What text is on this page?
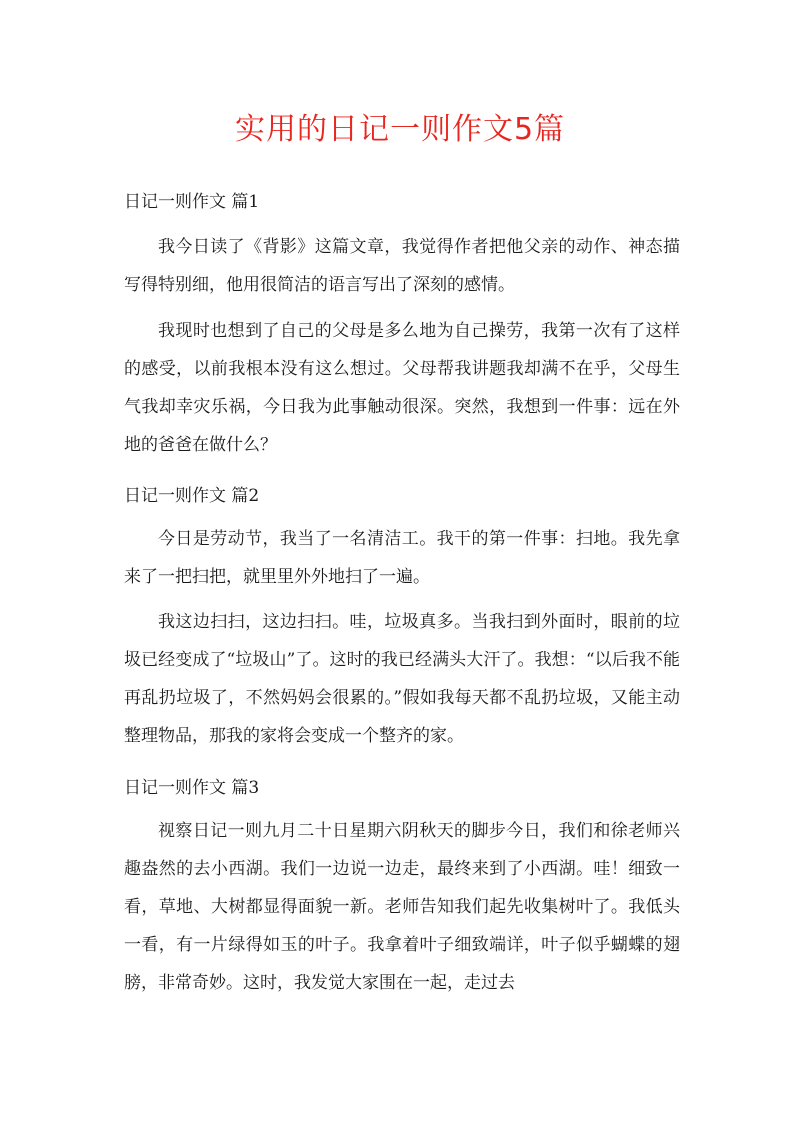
实用的日记一则作文5篇
日记一则作文 篇1

我今日读了《背影》这篇文章，我觉得作者把他父亲的动作、神态描写得特别细，他用很简洁的语言写出了深刻的感情。

我现时也想到了自己的父母是多么地为自己操劳，我第一次有了这样的感受，以前我根本没有这么想过。父母帮我讲题我却满不在乎，父母生气我却幸灾乐祸，今日我为此事触动很深。突然，我想到一件事：远在外地的爸爸在做什么？

日记一则作文 篇2

今日是劳动节，我当了一名清洁工。我干的第一件事：扫地。我先拿来了一把扫把，就里里外外地扫了一遍。

我这边扫扫，这边扫扫。哇，垃圾真多。当我扫到外面时，眼前的垃圾已经变成了“垃圾山”了。这时的我已经满头大汗了。我想：“以后我不能再乱扔垃圾了，不然妈妈会很累的。”假如我每天都不乱扔垃圾，又能主动整理物品，那我的家将会变成一个整齐的家。

日记一则作文 篇3

视察日记一则九月二十日星期六阴秋天的脚步今日，我们和徐老师兴趣盎然的去小西湖。我们一边说一边走，最终来到了小西湖。哇！细致一看，草地、大树都显得面貌一新。老师告知我们起先收集树叶了。我低头一看，有一片绿得如玉的叶子。我拿着叶子细致端详，叶子似乎蝴蝶的翅膀，非常奇妙。这时，我发觉大家围在一起，走过去
